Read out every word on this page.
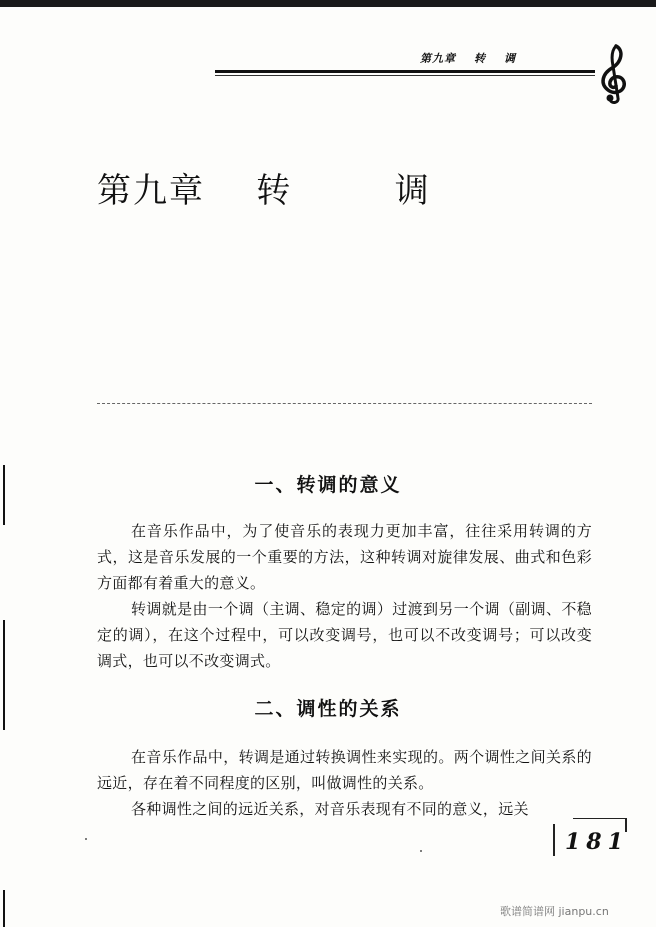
第九章 转 调
第九章    转        调
一、转调的意义
在音乐作品中，为了使音乐的表现力更加丰富，往往采用转调的方式，这是音乐发展的一个重要的方法，这种转调对旋律发展、曲式和色彩方面都有着重大的意义。
转调就是由一个调（主调、稳定的调）过渡到另一个调（副调、不稳定的调），在这个过程中，可以改变调号，也可以不改变调号；可以改变调式，也可以不改变调式。
二、调性的关系
在音乐作品中，转调是通过转换调性来实现的。两个调性之间关系的远近，存在着不同程度的区别，叫做调性的关系。
各种调性之间的远近关系，对音乐表现有不同的意义，远关
181
歌谱简谱网 jianpu.cn
